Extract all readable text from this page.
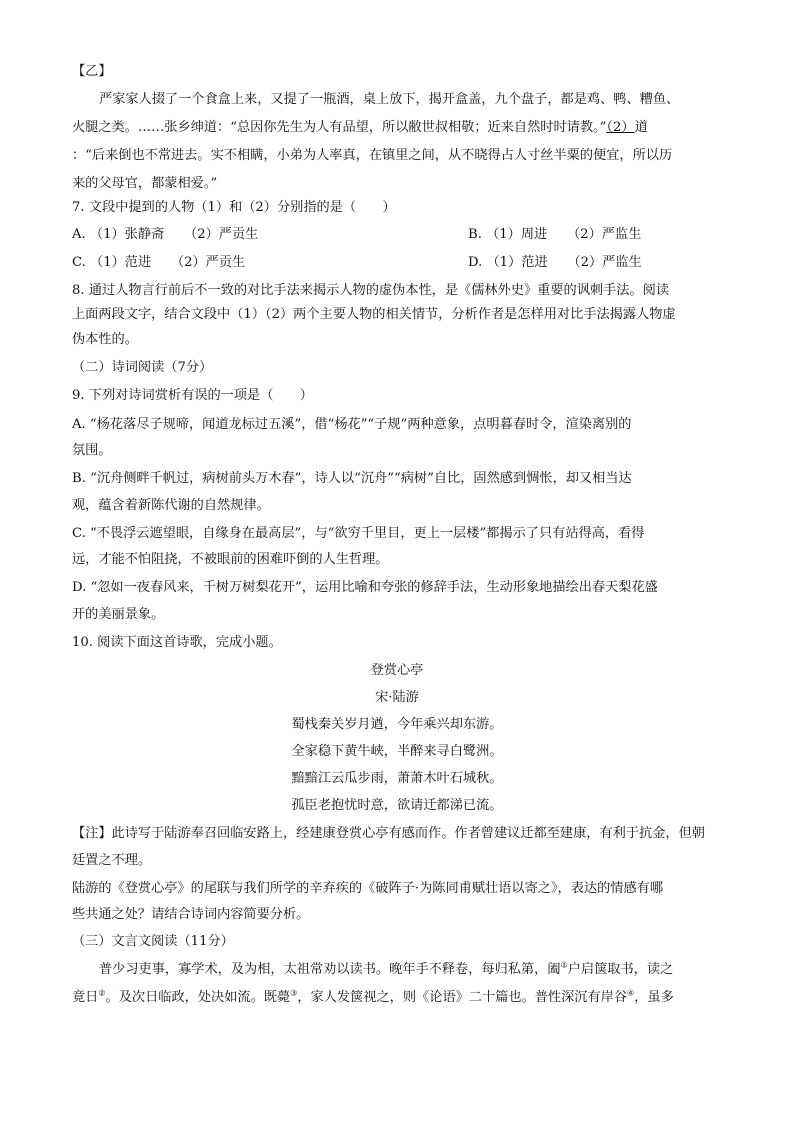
【乙】
严家家人掇了一个食盒上来，又提了一瓶酒，桌上放下，揭开盒盖，九个盘子，都是鸡、鸭、糟鱼、
火腿之类。……张乡绅道：“总因你先生为人有品望，所以敝世叔相敬；近来自然时时请教。”（2）道
：“后来倒也不常进去。实不相瞒，小弟为人率真，在镇里之间，从不晓得占人寸丝半粟的便宜，所以历
来的父母官，都蒙相爱。”
7. 文段中提到的人物（1）和（2）分别指的是（　　）
A. （1）张静斋　　（2）严贡生	B. （1）周进　　（2）严监生
C. （1）范进　　（2）严贡生	D. （1）范进　　（2）严监生
8. 通过人物言行前后不一致的对比手法来揭示人物的虚伪本性，是《儒林外史》重要的讽刺手法。阅读
上面两段文字，结合文段中（1）（2）两个主要人物的相关情节，分析作者是怎样用对比手法揭露人物虚
伪本性的。
（二）诗词阅读（7分）
9. 下列对诗词赏析有误的一项是（　　）
A. “杨花落尽子规啼，闻道龙标过五溪”，借“杨花”“子规”两种意象，点明暮春时令，渲染离别的
氛围。
B. “沉舟侧畔千帆过，病树前头万木春”，诗人以“沉舟”“病树”自比，固然感到惆怅，却又相当达
观，蕴含着新陈代谢的自然规律。
C. “不畏浮云遮望眼，自缘身在最高层”，与“欲穷千里目，更上一层楼”都揭示了只有站得高，看得
远，才能不怕阻挠，不被眼前的困难吓倒的人生哲理。
D. “忽如一夜春风来，千树万树梨花开”，运用比喻和夸张的修辞手法，生动形象地描绘出春天梨花盛
开的美丽景象。
10. 阅读下面这首诗歌，完成小题。
登赏心亭
宋·陆游
蜀栈秦关岁月遒，今年乘兴却东游。
全家稳下黄牛峡，半醉来寻白鹭洲。
黯黯江云瓜步雨，萧萧木叶石城秋。
孤臣老抱忧时意，欲请迁都涕已流。
【注】此诗写于陆游奉召回临安路上，经建康登赏心亭有感而作。作者曾建议迁都至建康，有利于抗金，但朝
廷置之不理。
陆游的《登赏心亭》的尾联与我们所学的辛弃疾的《破阵子·为陈同甫赋壮语以寄之》，表达的情感有哪
些共通之处？请结合诗词内容简要分析。
（三）文言文阅读（11分）
普少习吏事，寡学术，及为相，太祖常劝以读书。晚年手不释卷，每归私第，阖①户启箧取书，读之
竟日②。及次日临政，处决如流。既薨③，家人发箧视之，则《论语》二十篇也。普性深沉有岸谷④，虽多
